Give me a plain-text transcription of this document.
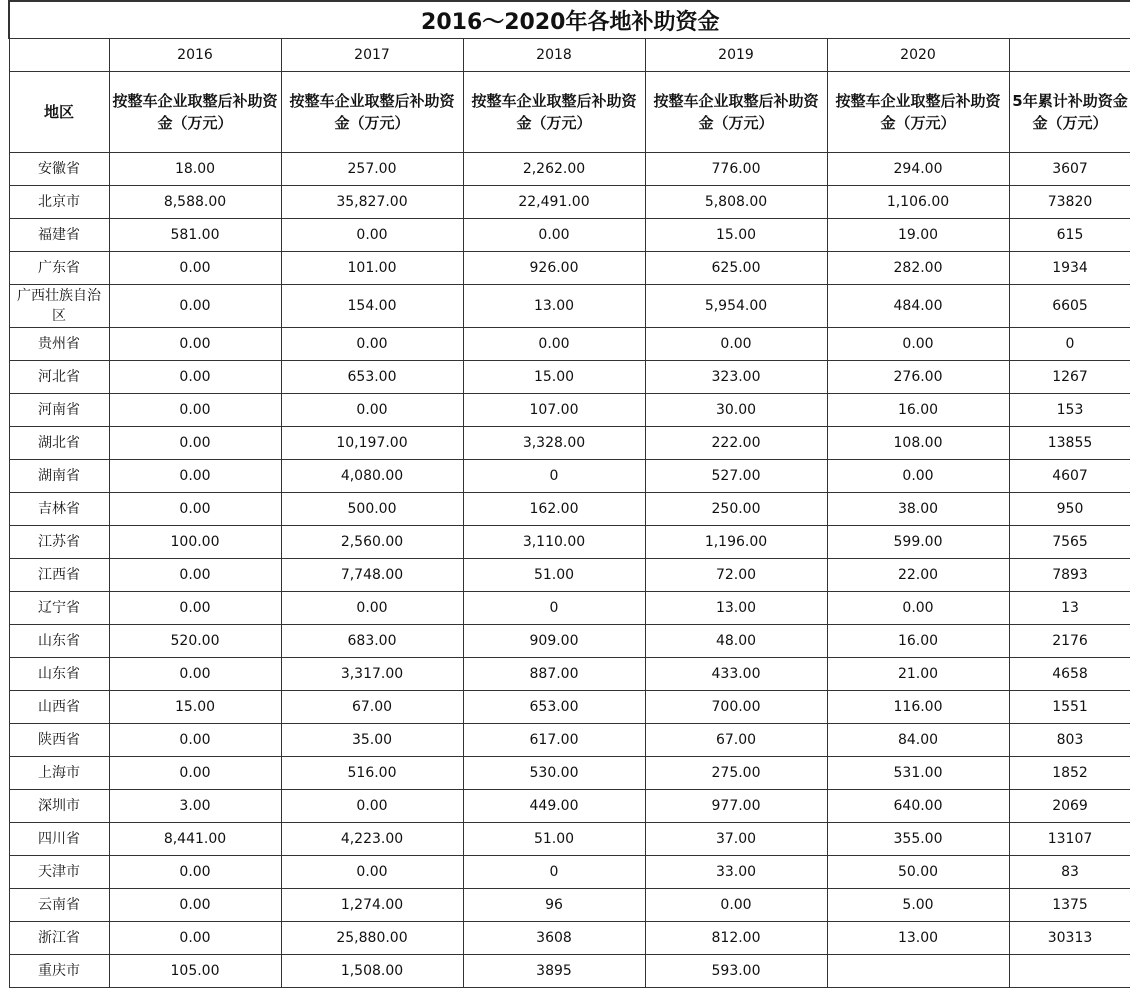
2016～2020年各地补助资金						
	2016	2017	2018	2019	2020	
地区	按整车企业取整后补助资金（万元）	按整车企业取整后补助资金（万元）	按整车企业取整后补助资金（万元）	按整车企业取整后补助资金（万元）	按整车企业取整后补助资金（万元）	5年累计补助资金金（万元）
安徽省	18.00	257.00	2,262.00	776.00	294.00	3607
北京市	8,588.00	35,827.00	22,491.00	5,808.00	1,106.00	73820
福建省	581.00	0.00	0.00	15.00	19.00	615
广东省	0.00	101.00	926.00	625.00	282.00	1934
广西壮族自治区	0.00	154.00	13.00	5,954.00	484.00	6605
贵州省	0.00	0.00	0.00	0.00	0.00	0
河北省	0.00	653.00	15.00	323.00	276.00	1267
河南省	0.00	0.00	107.00	30.00	16.00	153
湖北省	0.00	10,197.00	3,328.00	222.00	108.00	13855
湖南省	0.00	4,080.00	0	527.00	0.00	4607
吉林省	0.00	500.00	162.00	250.00	38.00	950
江苏省	100.00	2,560.00	3,110.00	1,196.00	599.00	7565
江西省	0.00	7,748.00	51.00	72.00	22.00	7893
辽宁省	0.00	0.00	0	13.00	0.00	13
山东省	520.00	683.00	909.00	48.00	16.00	2176
山东省	0.00	3,317.00	887.00	433.00	21.00	4658
山西省	15.00	67.00	653.00	700.00	116.00	1551
陕西省	0.00	35.00	617.00	67.00	84.00	803
上海市	0.00	516.00	530.00	275.00	531.00	1852
深圳市	3.00	0.00	449.00	977.00	640.00	2069
四川省	8,441.00	4,223.00	51.00	37.00	355.00	13107
天津市	0.00	0.00	0	33.00	50.00	83
云南省	0.00	1,274.00	96	0.00	5.00	1375
浙江省	0.00	25,880.00	3608	812.00	13.00	30313
重庆市	105.00	1,508.00	3895	593.00		
